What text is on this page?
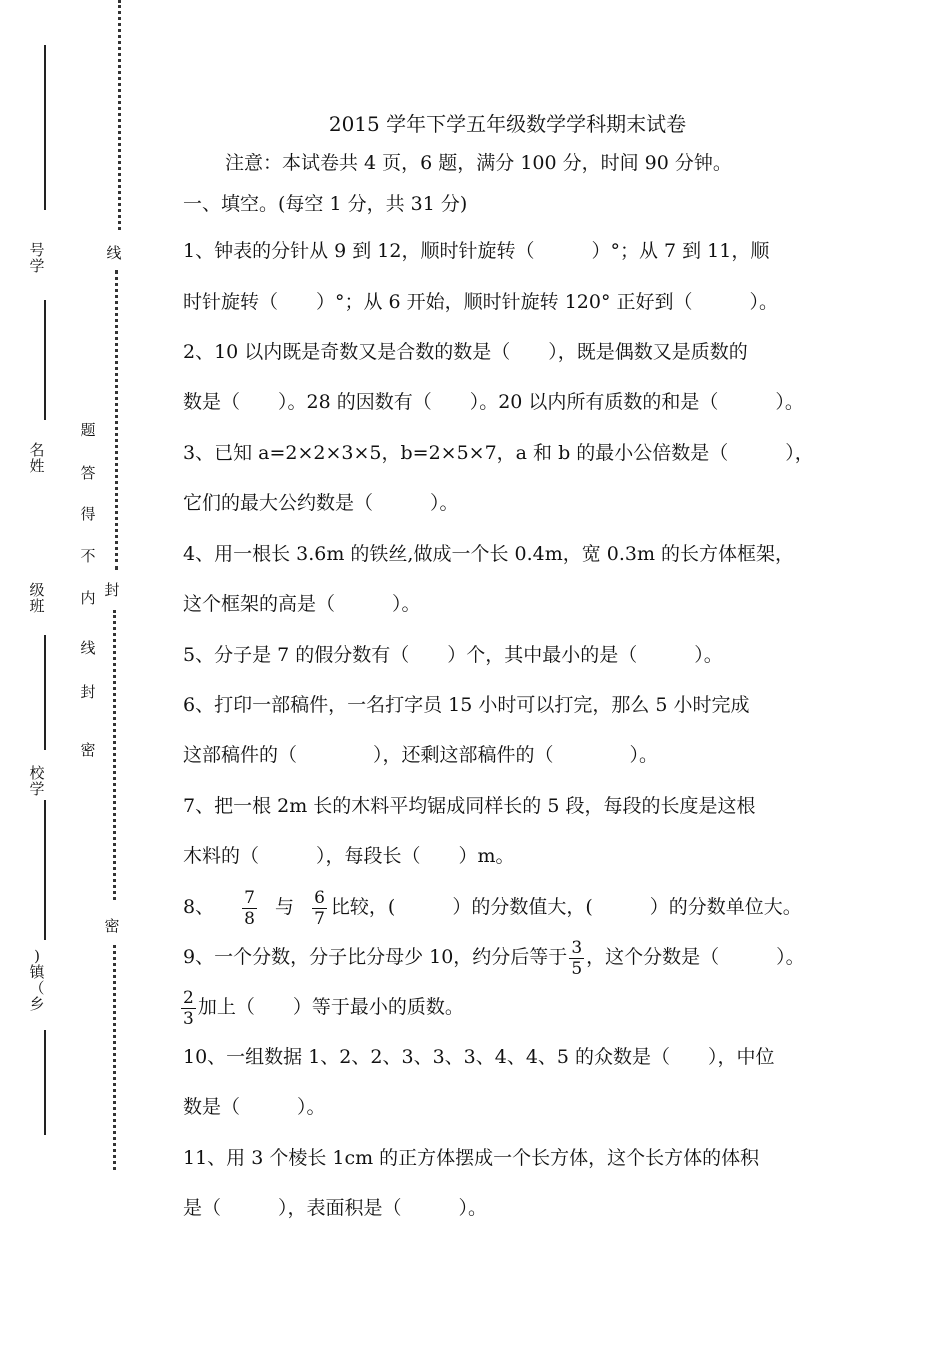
号
学
名
姓
级
班
校
学
)
镇
（
乡
线
封
密
题
答
得
不
内
线
封
密
2015 学年下学五年级数学学科期末试卷
注意：本试卷共 4 页，6 题，满分 100 分，时间 90 分钟。
一、填空。(每空 1 分，共 31 分)
1、钟表的分针从 9 到 12，顺时针旋转（　　　）°；从 7 到 11，顺
时针旋转（　　）°；从 6 开始，顺时针旋转 120° 正好到（　　　）。
2、10 以内既是奇数又是合数的数是（　　），既是偶数又是质数的
数是（　　）。28 的因数有（　　）。20 以内所有质数的和是（　　　）。
3、已知 a=2×2×3×5，b=2×5×7，a 和 b 的最小公倍数是（　　　），
它们的最大公约数是（　　　）。
4、用一根长 3.6m 的铁丝,做成一个长 0.4m，宽 0.3m 的长方体框架，
这个框架的高是（　　　）。
5、分子是 7 的假分数有（　　）个，其中最小的是（　　　）。
6、打印一部稿件，一名打字员 15 小时可以打完，那么 5 小时完成
这部稿件的（　　　　），还剩这部稿件的（　　　　）。
7、把一根 2m 长的木料平均锯成同样长的 5 段，每段的长度是这根
木料的（　　　），每段长（　　）m。
8、 $\frac{7}{8}$ 与 $\frac{6}{7}$ 比较，(　　　）的分数值大，(　　　）的分数单位大。
9、一个分数，分子比分母少 10，约分后等于 $\frac{3}{5}$ ，这个分数是（　　　）。
$\frac{2}{3}$ 加上（　　）等于最小的质数。
10、一组数据 1、2、2、3、3、3、4、4、5 的众数是（　　），中位
数是（　　　）。
11、用 3 个棱长 1cm 的正方体摆成一个长方体，这个长方体的体积
是（　　　），表面积是（　　　）。
